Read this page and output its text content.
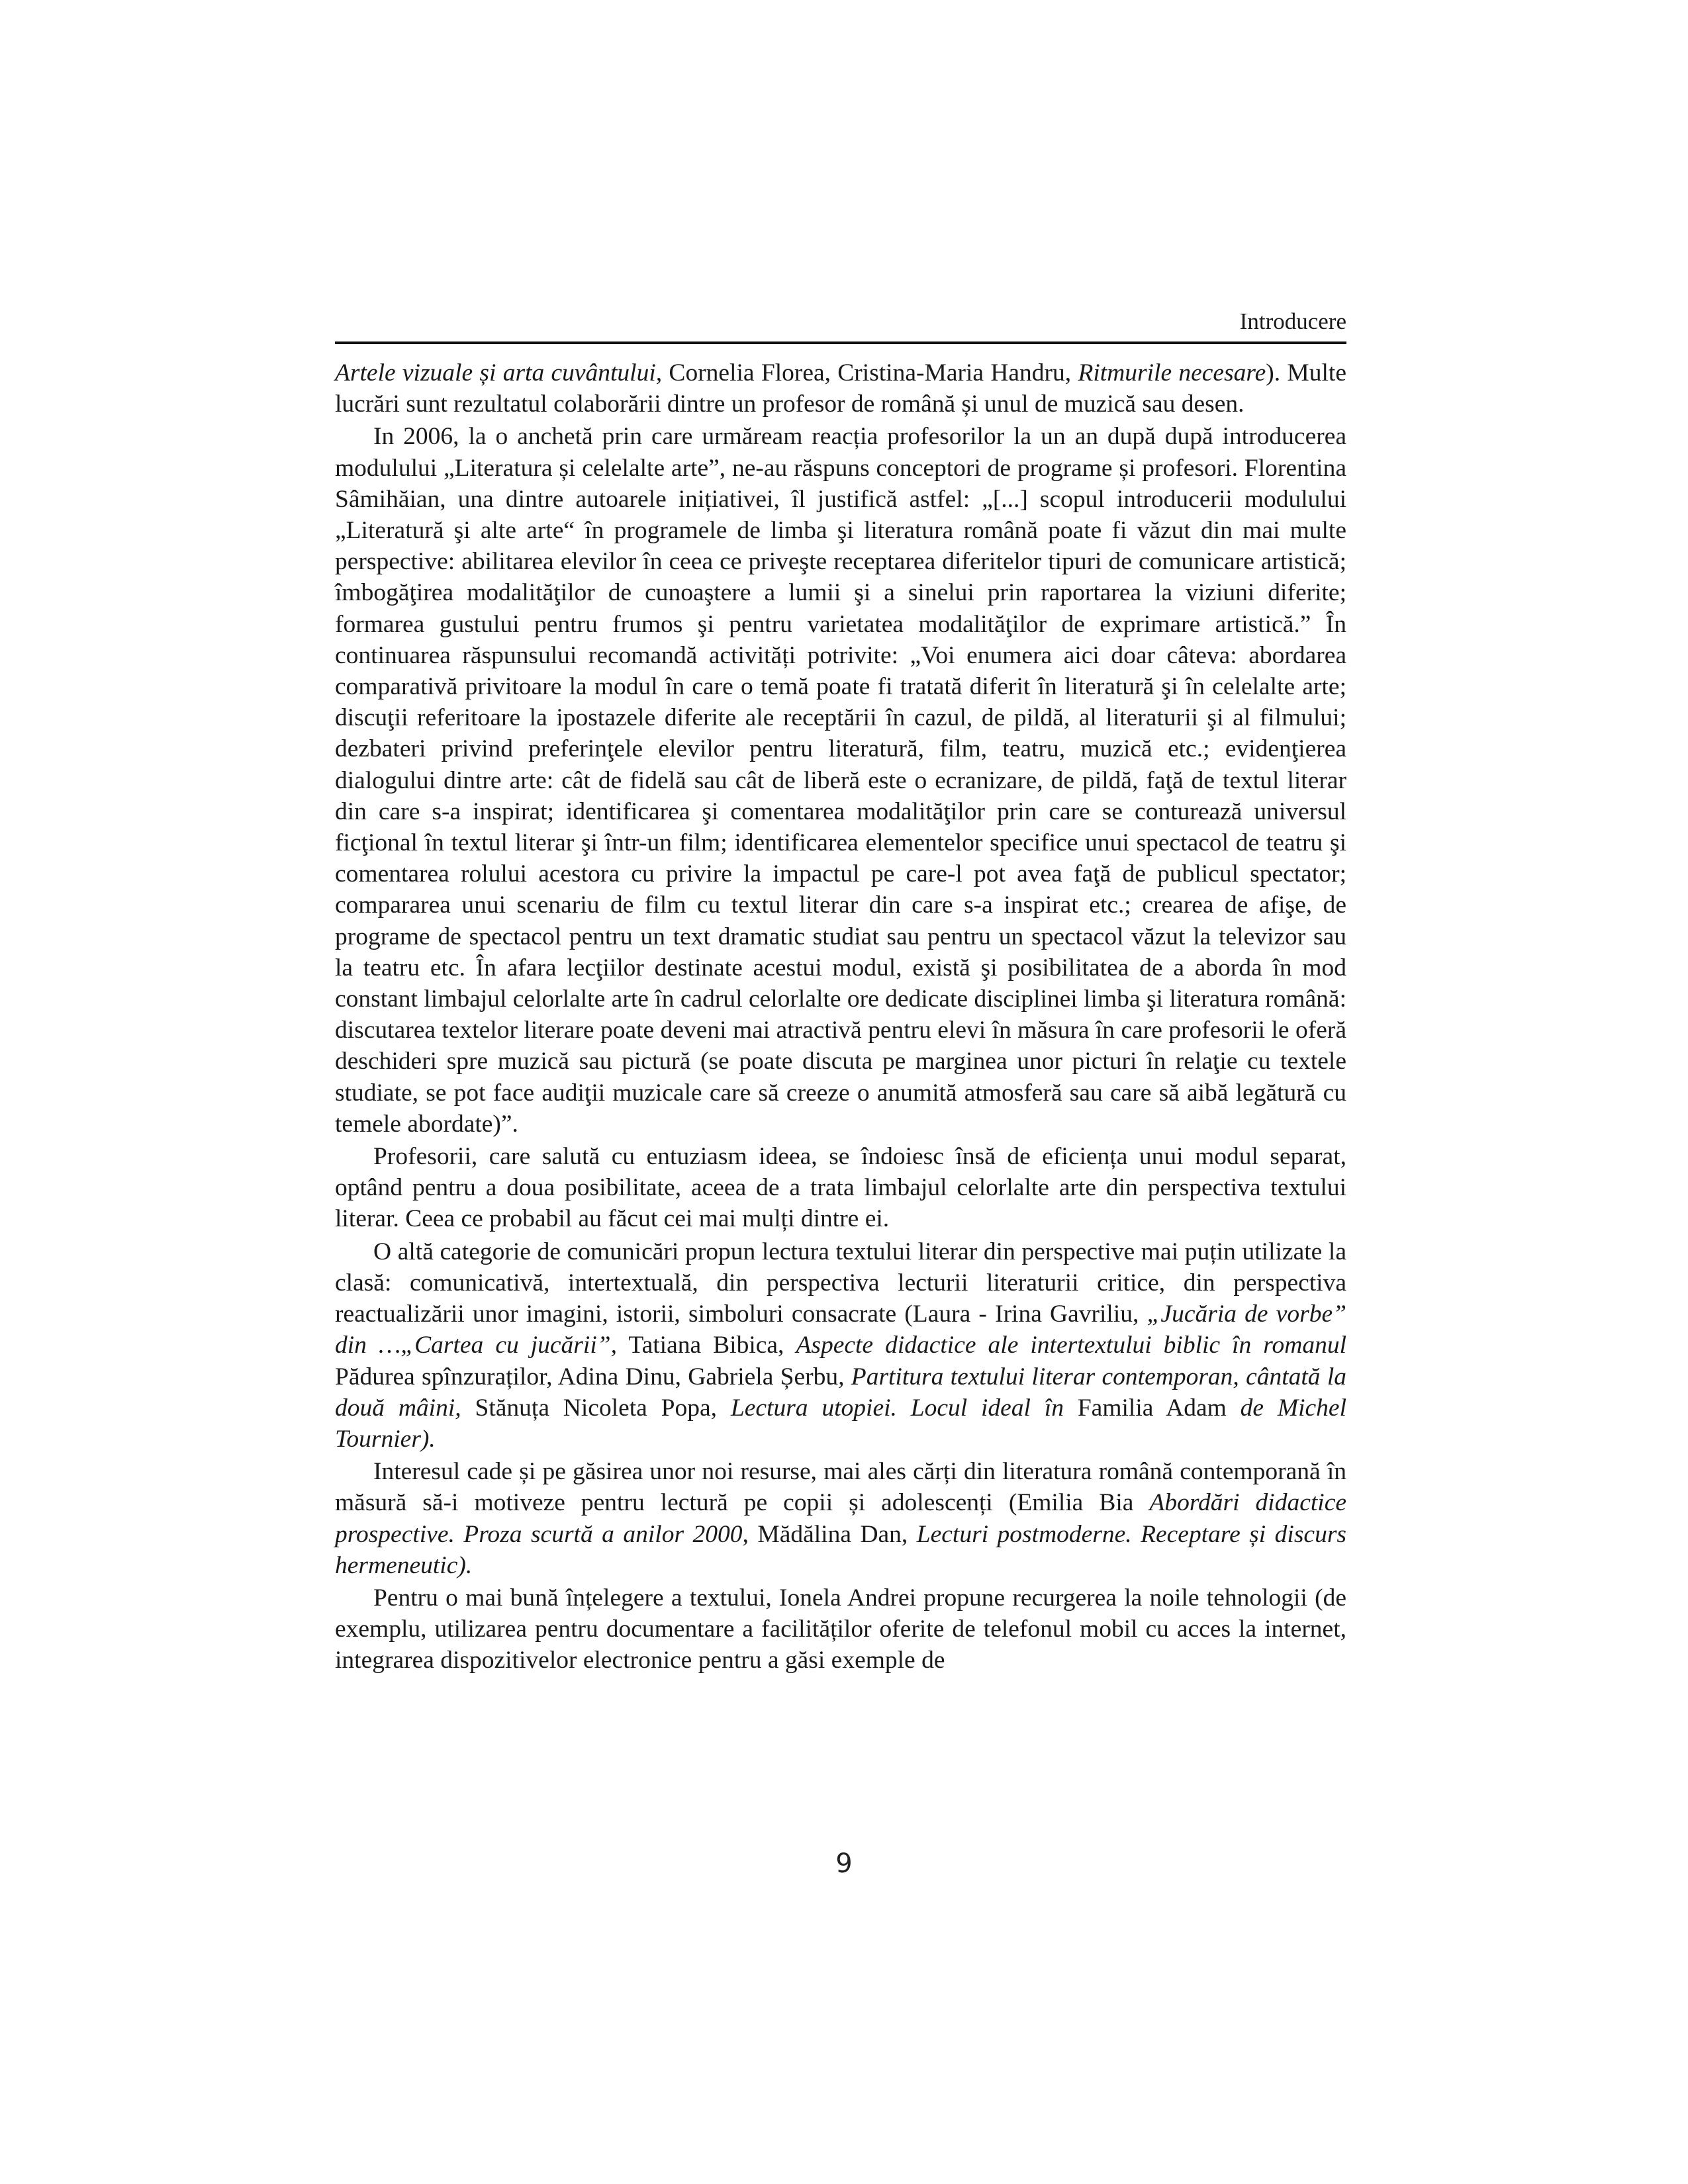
Introducere

Artele vizuale și arta cuvântului, Cornelia Florea, Cristina-Maria Handru, Ritmurile necesare). Multe lucrări sunt rezultatul colaborării dintre un profesor de română și unul de muzică sau desen.

In 2006, la o anchetă prin care urmăream reacția profesorilor la un an după după introducerea modulului „Literatura și celelalte arte”, ne-au răspuns conceptori de programe și profesori. Florentina Sâmihăian, una dintre autoarele inițiativei, îl justifică astfel: „[...] scopul introducerii modulului „Literatură şi alte arte“ în programele de limba şi literatura română poate fi văzut din mai multe perspective: abilitarea elevilor în ceea ce priveşte receptarea diferitelor tipuri de comunicare artistică; îmbogăţirea modalităţilor de cunoaştere a lumii şi a sinelui prin raportarea la viziuni diferite; formarea gustului pentru frumos şi pentru varietatea modalităţilor de exprimare artistică.” În continuarea răspunsului recomandă activități potrivite: „Voi enumera aici doar câteva: abordarea comparativă privitoare la modul în care o temă poate fi tratată diferit în literatură şi în celelalte arte; discuţii referitoare la ipostazele diferite ale receptării în cazul, de pildă, al literaturii şi al filmului; dezbateri privind preferinţele elevilor pentru literatură, film, teatru, muzică etc.; evidenţierea dialogului dintre arte: cât de fidelă sau cât de liberă este o ecranizare, de pildă, faţă de textul literar din care s-a inspirat; identificarea şi comentarea modalităţilor prin care se conturează universul ficţional în textul literar şi într-un film; identificarea elementelor specifice unui spectacol de teatru şi comentarea rolului acestora cu privire la impactul pe care-l pot avea faţă de publicul spectator; compararea unui scenariu de film cu textul literar din care s-a inspirat etc.; crearea de afişe, de programe de spectacol pentru un text dramatic studiat sau pentru un spectacol văzut la televizor sau la teatru etc. În afara lecţiilor destinate acestui modul, există şi posibilitatea de a aborda în mod constant limbajul celorlalte arte în cadrul celorlalte ore dedicate disciplinei limba şi literatura română: discutarea textelor literare poate deveni mai atractivă pentru elevi în măsura în care profesorii le oferă deschideri spre muzică sau pictură (se poate discuta pe marginea unor picturi în relaţie cu textele studiate, se pot face audiţii muzicale care să creeze o anumită atmosferă sau care să aibă legătură cu temele abordate)”.

Profesorii, care salută cu entuziasm ideea, se îndoiesc însă de eficiența unui modul separat, optând pentru a doua posibilitate, aceea de a trata limbajul celorlalte arte din perspectiva textului literar. Ceea ce probabil au făcut cei mai mulți dintre ei.

O altă categorie de comunicări propun lectura textului literar din perspective mai puțin utilizate la clasă: comunicativă, intertextuală, din perspectiva lecturii literaturii critice, din perspectiva reactualizării unor imagini, istorii, simboluri consacrate (Laura - Irina Gavriliu, „Jucăria de vorbe” din …„Cartea cu jucării”, Tatiana Bibica, Aspecte didactice ale intertextului biblic în romanul Pădurea spînzuraților, Adina Dinu, Gabriela Șerbu, Partitura textului literar contemporan, cântată la două mâini, Stănuța Nicoleta Popa, Lectura utopiei. Locul ideal în Familia Adam de Michel Tournier).

Interesul cade și pe găsirea unor noi resurse, mai ales cărți din literatura română contemporană în măsură să-i motiveze pentru lectură pe copii și adolescenți (Emilia Bia Abordări didactice prospective. Proza scurtă a anilor 2000, Mădălina Dan, Lecturi postmoderne. Receptare și discurs hermeneutic).

Pentru o mai bună înțelegere a textului, Ionela Andrei propune recurgerea la noile tehnologii (de exemplu, utilizarea pentru documentare a facilităților oferite de telefonul mobil cu acces la internet, integrarea dispozitivelor electronice pentru a găsi exemple de

9
